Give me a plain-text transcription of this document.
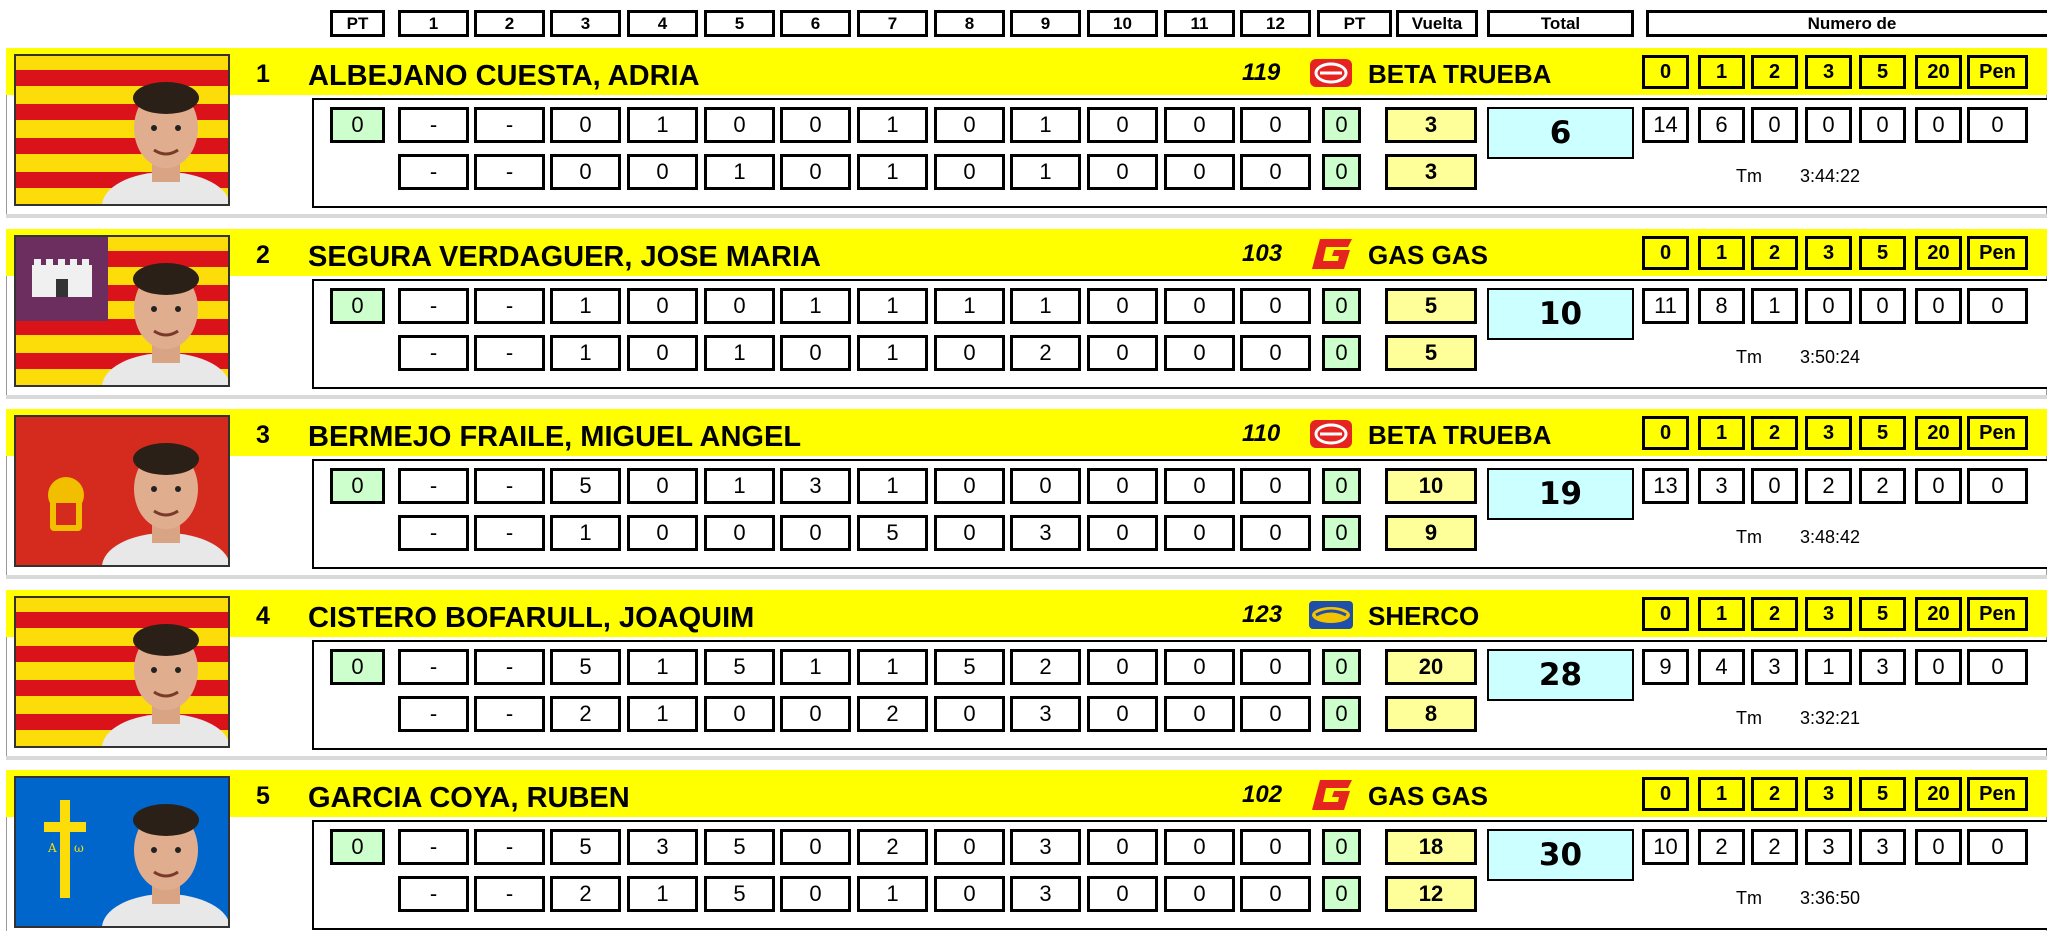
PT	1	2	3	4	5	6	7	8	9	10	11	12	PT	Vuelta	Total	Numero de
1 ALBEJANO CUESTA, ADRIA	119	BETA TRUEBA	0	1	2	3	5	20	Pen
0	-	-	0	1	0	0	1	0	1	0	0	0	0	3
-	-	0	0	1	0	1	0	1	0	0	0	0	3
6	14	6	0	0	0	0	0
Tm 3:44:22
2 SEGURA VERDAGUER, JOSE MARIA	103	GAS GAS	0	1	2	3	5	20	Pen
0	-	-	1	0	0	1	1	1	1	0	0	0	0	5
-	-	1	0	1	0	1	0	2	0	0	0	0	5
10	11	8	1	0	0	0	0
Tm 3:50:24
3 BERMEJO FRAILE, MIGUEL ANGEL	110	BETA TRUEBA	0	1	2	3	5	20	Pen
0	-	-	5	0	1	3	1	0	0	0	0	0	0	10
-	-	1	0	0	0	5	0	3	0	0	0	0	9
19	13	3	0	2	2	0	0
Tm 3:48:42
4 CISTERO BOFARULL, JOAQUIM	123	SHERCO	0	1	2	3	5	20	Pen
0	-	-	5	1	5	1	1	5	2	0	0	0	0	20
-	-	2	1	0	0	2	0	3	0	0	0	0	8
28	9	4	3	1	3	0	0
Tm 3:32:21
A ω
5 GARCIA COYA, RUBEN	102	GAS GAS	0	1	2	3	5	20	Pen
0	-	-	5	3	5	0	2	0	3	0	0	0	0	18
-	-	2	1	5	0	1	0	3	0	0	0	0	12
30	10	2	2	3	3	0	0
Tm 3:36:50
